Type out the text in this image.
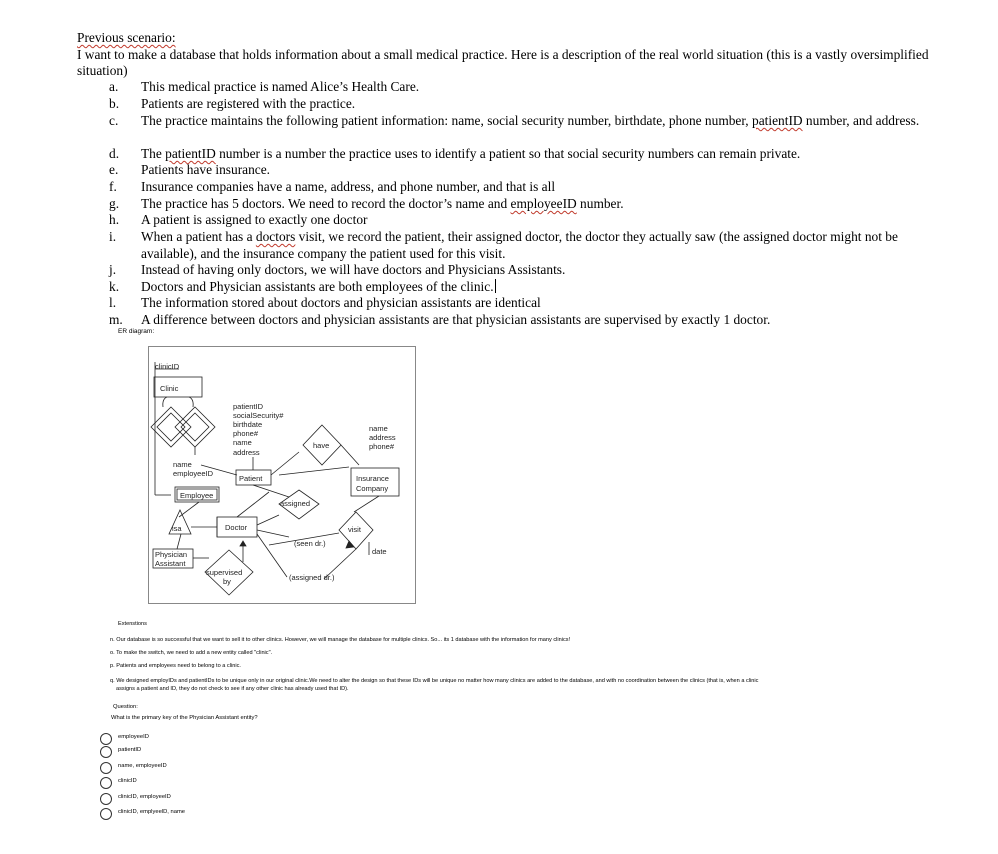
Previous scenario:

I want to make a database that holds information about a small medical practice. Here is a description of the real world situation (this is a vastly oversimplified situation)

a.	This medical practice is named Alice’s Health Care.
b.	Patients are registered with the practice.
c.	The practice maintains the following patient information: name, social security number, birthdate, phone number, patientID number, and address.
d.	The patientID number is a number the practice uses to identify a patient so that social security numbers can remain private.
e.	Patients have insurance.
f.	Insurance companies have a name, address, and phone number, and that is all
g.	The practice has 5 doctors. We need to record the doctor’s name and employeeID number.
h.	A patient is assigned to exactly one doctor
i.	When a patient has a doctors visit, we record the patient, their assigned doctor, the doctor they actually saw (the assigned doctor might not be available), and the insurance company the patient used for this visit.
j.	Instead of having only doctors, we will have doctors and Physicians Assistants.
k.	Doctors and Physician assistants are both employees of the clinic.
l.	The information stored about doctors and physician assistants are identical
m.	A difference between doctors and physician assistants are that physician assistants are supervised by exactly 1 doctor.
ER diagram:
clinicID
Clinic
patientID
socialSecurity#
birthdate
phone#
name
address
name
address
phone#
have
name
employeeID
Patient	Insurance
Company
Employee
assigned
isa	Doctor	visit
(seen dr.)
date
Physician
Assistant
supervised
by	(assigned dr.)
Extenstions
n. Our database is so successful that we want to sell it to other clinics. However, we will manage the database for multiple clinics. So... its 1 database with the information for many clinics!
o. To make the switch, we need to add a new entity called "clinic".
p. Patients and employees need to belong to a clinic.
q. We designed employIDs and patientIDs to be unique only in our original clinic.We need to alter the design so that these IDs will be unique no matter how many clinics are added to the database, and with no coordination between the clinics (that is, when a clinic
assigns a patient and ID, they do not check to see if any other clinic has already used that ID).
Question:
What is the primary key of the Physician Assistant entity?
employeeID
patientID
name, employeeID
clinicID
clinicID, employeeID
clinicID, emplyeelD, name
